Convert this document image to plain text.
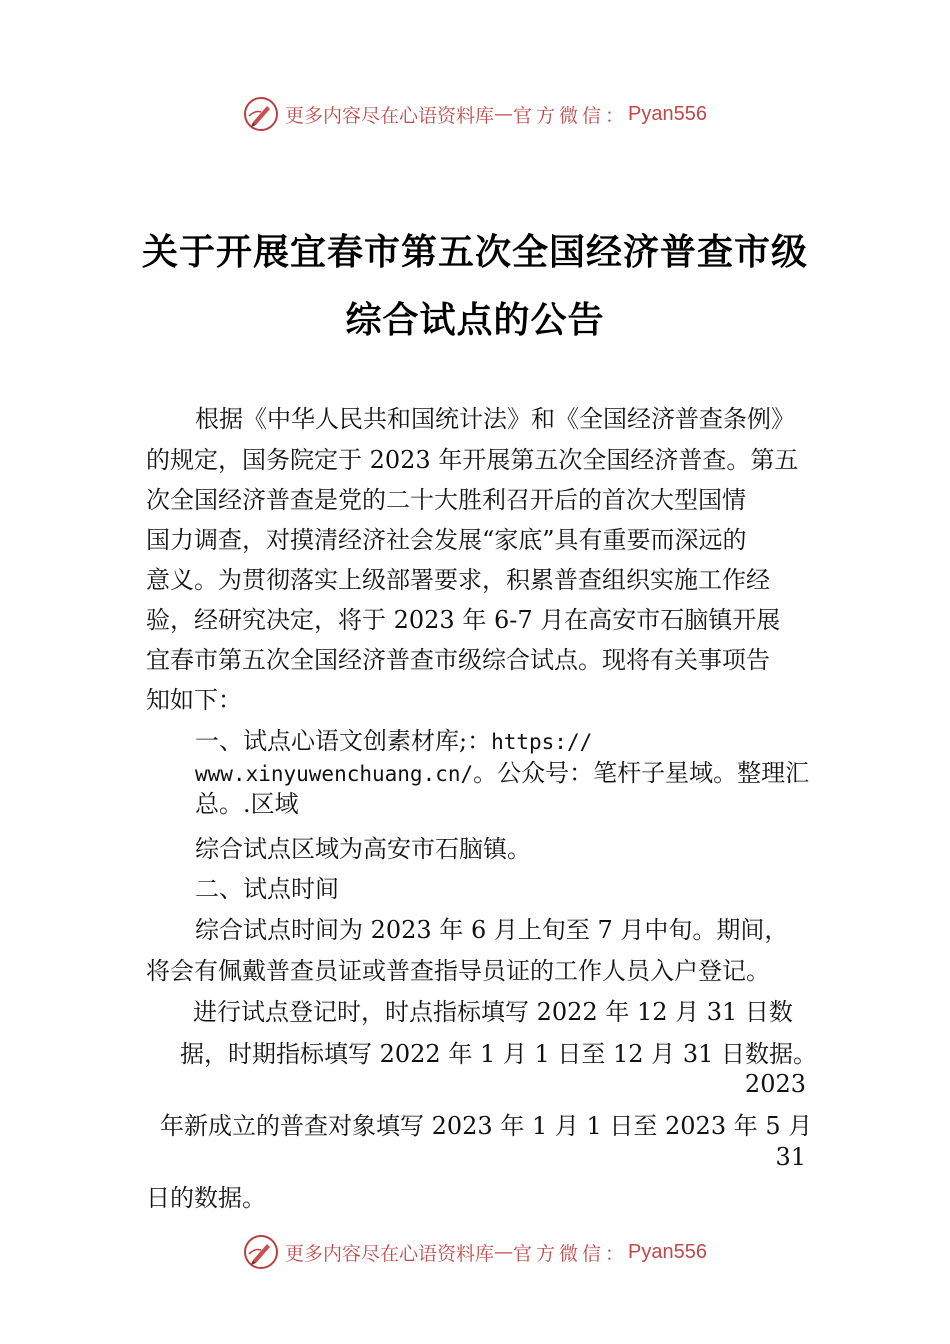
更多内容尽在心语资料库 — 官方微信： Pyan556
关于开展宜春市第五次全国经济普查市级
综合试点的公告
根据《中华人民共和国统计法》和《全国经济普查条例》
的规定，国务院定于 2023 年开展第五次全国经济普查。第五
次全国经济普查是党的二十大胜利召开后的首次大型国情
国力调查，对摸清经济社会发展“家底”具有重要而深远的
意义。为贯彻落实上级部署要求，积累普查组织实施工作经
验，经研究决定，将于 2023 年 6-7 月在高安市石脑镇开展
宜春市第五次全国经济普查市级综合试点。现将有关事项告
知如下：
一、试点心语文创素材库;：https://
www.xinyuwenchuang.cn/。公众号：笔杆子星域。整理汇
总。.区域
综合试点区域为高安市石脑镇。
二、试点时间
综合试点时间为 2023 年 6 月上旬至 7 月中旬。期间，
将会有佩戴普查员证或普查指导员证的工作人员入户登记。
进行试点登记时，时点指标填写 2022 年 12 月 31 日数
据，时期指标填写 2022 年 1 月 1 日至 12 月 31 日数据。
2023
年新成立的普查对象填写 2023 年 1 月 1 日至 2023 年 5 月
31
日的数据。
更多内容尽在心语资料库 — 官方微信： Pyan556
